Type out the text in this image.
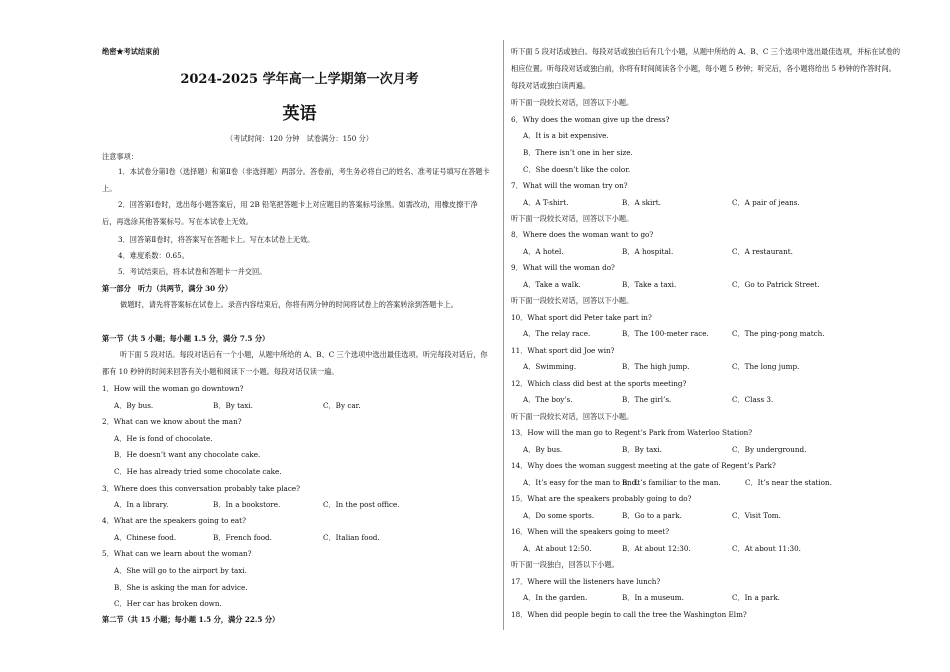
绝密★考试结束前
2024-2025 学年高一上学期第一次月考
英语
（考试时间：120 分钟　试卷满分：150 分）
注意事项：
1．本试卷分第Ⅰ卷（选择题）和第Ⅱ卷（非选择题）两部分。答卷前，考生务必将自己的姓名、准考证号填写在答题卡上。
2．回答第Ⅰ卷时，选出每小题答案后，用 2B 铅笔把答题卡上对应题目的答案标号涂黑。如需改动，用橡皮擦干净后，再选涂其他答案标号。写在本试卷上无效。
3．回答第Ⅱ卷时，将答案写在答题卡上。写在本试卷上无效。
4．难度系数：0.65。
5．考试结束后，将本试卷和答题卡一并交回。
第一部分　听力（共两节，满分 30 分）
做题时，请先将答案标在试卷上。录音内容结束后，你将有两分钟的时间将试卷上的答案转涂到答题卡上。
第一节（共 5 小题；每小题 1.5 分，满分 7.5 分）
听下面 5 段对话。每段对话后有一个小题，从题中所给的 A、B、C 三个选项中选出最佳选项。听完每段对话后，你都有 10 秒钟的时间来回答有关小题和阅读下一小题。每段对话仅读一遍。
1．How will the woman go downtown?
A．By bus.	B．By taxi.	C．By car.
2．What can we know about the man?
A．He is fond of chocolate.
B．He doesn’t want any chocolate cake.
C．He has already tried some chocolate cake.
3．Where does this conversation probably take place?
A．In a library.	B．In a bookstore.	C．In the post office.
4．What are the speakers going to eat?
A．Chinese food.	B．French food.	C．Italian food.
5．What can we learn about the woman?
A．She will go to the airport by taxi.
B．She is asking the man for advice.
C．Her car has broken down.
第二节（共 15 小题；每小题 1.5 分，满分 22.5 分）
听下面 5 段对话或独白。每段对话或独白后有几个小题，从题中所给的 A、B、C 三个选项中选出最佳选项，并标在试卷的相应位置。听每段对话或独白前，你将有时间阅读各个小题，每小题 5 秒钟；听完后，各小题将给出 5 秒钟的作答时间。每段对话或独白读两遍。
听下面一段较长对话，回答以下小题。
6．Why does the woman give up the dress?
A．It is a bit expensive.
B．There isn’t one in her size.
C．She doesn’t like the color.
7．What will the woman try on?
A．A T-shirt.	B．A skirt.	C．A pair of jeans.
听下面一段较长对话，回答以下小题。
8．Where does the woman want to go?
A．A hotel.	B．A hospital.	C．A restaurant.
9．What will the woman do?
A．Take a walk.	B．Take a taxi.	C．Go to Patrick Street.
听下面一段较长对话，回答以下小题。
10．What sport did Peter take part in?
A．The relay race.	B．The 100-meter race.	C．The ping-pong match.
11．What sport did Joe win?
A．Swimming.	B．The high jump.	C．The long jump.
12．Which class did best at the sports meeting?
A．The boy’s.	B．The girl’s.	C．Class 3.
听下面一段较长对话，回答以下小题。
13．How will the man go to Regent’s Park from Waterloo Station?
A．By bus.	B．By taxi.	C．By underground.
14．Why does the woman suggest meeting at the gate of Regent’s Park?
A．It’s easy for the man to find.
B．It’s familiar to the man.	C．It’s near the station.
15．What are the speakers probably going to do?
A．Do some sports.	B．Go to a park.	C．Visit Tom.
16．When will the speakers going to meet?
A．At about 12:50.	B．At about 12:30.	C．At about 11:30.
听下面一段独白，回答以下小题。
17．Where will the listeners have lunch?
A．In the garden.	B．In a museum.	C．In a park.
18．When did people begin to call the tree the Washington Elm?
